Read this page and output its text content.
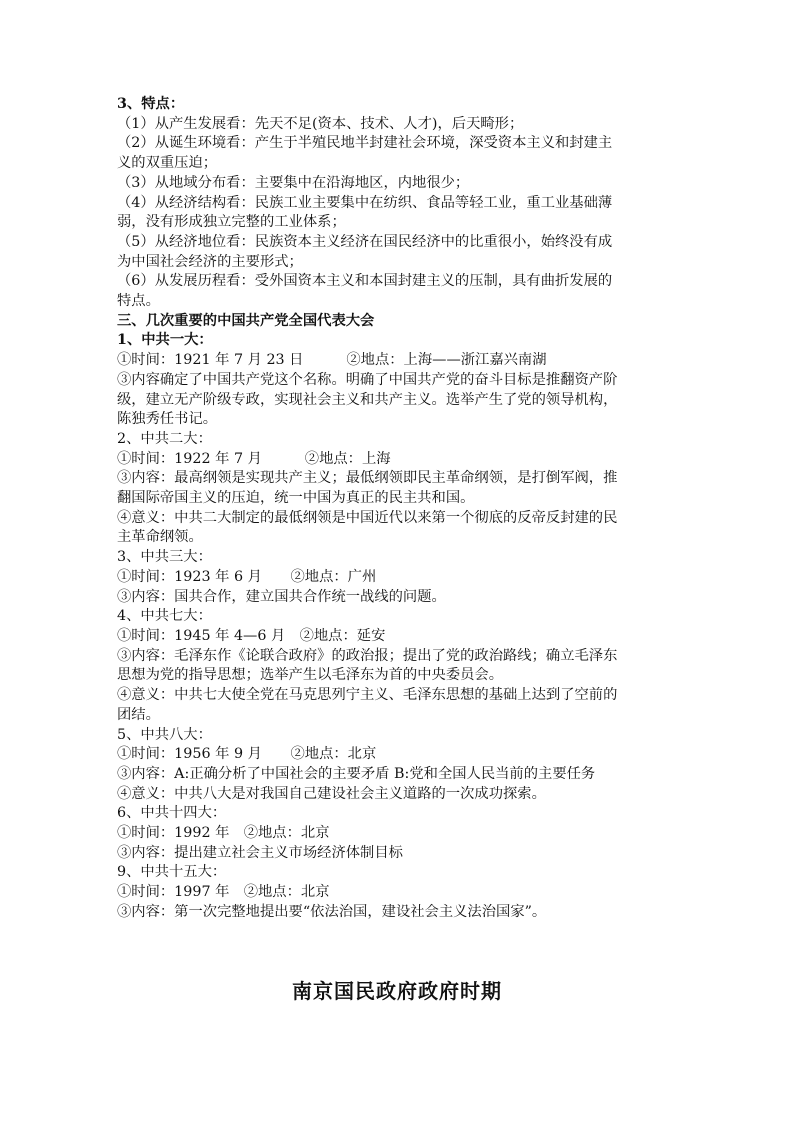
3、特点：
（1）从产生发展看：先天不足(资本、技术、人才)，后天畸形；
（2）从诞生环境看：产生于半殖民地半封建社会环境，深受资本主义和封建主
义的双重压迫；
（3）从地域分布看：主要集中在沿海地区，内地很少；
（4）从经济结构看：民族工业主要集中在纺织、食品等轻工业，重工业基础薄
弱，没有形成独立完整的工业体系；
（5）从经济地位看：民族资本主义经济在国民经济中的比重很小，始终没有成
为中国社会经济的主要形式；
（6）从发展历程看：受外国资本主义和本国封建主义的压制，具有曲折发展的
特点。
三、几次重要的中国共产党全国代表大会
1、中共一大：
①时间：1921 年 7 月 23 日　　　②地点：上海——浙江嘉兴南湖
③内容确定了中国共产党这个名称。明确了中国共产党的奋斗目标是推翻资产阶
级，建立无产阶级专政，实现社会主义和共产主义。选举产生了党的领导机构，
陈独秀任书记。
2、中共二大：
①时间：1922 年 7 月　　　②地点：上海
③内容：最高纲领是实现共产主义；最低纲领即民主革命纲领，是打倒军阀，推
翻国际帝国主义的压迫，统一中国为真正的民主共和国。
④意义：中共二大制定的最低纲领是中国近代以来第一个彻底的反帝反封建的民
主革命纲领。
3、中共三大：
①时间：1923 年 6 月　　②地点：广州
③内容：国共合作，建立国共合作统一战线的问题。
4、中共七大：
①时间：1945 年 4—6 月　②地点：延安
③内容：毛泽东作《论联合政府》的政治报；提出了党的政治路线；确立毛泽东
思想为党的指导思想；选举产生以毛泽东为首的中央委员会。
④意义：中共七大使全党在马克思列宁主义、毛泽东思想的基础上达到了空前的
团结。
5、中共八大：
①时间：1956 年 9 月　　②地点：北京
③内容：A:正确分析了中国社会的主要矛盾 B:党和全国人民当前的主要任务
④意义：中共八大是对我国自己建设社会主义道路的一次成功探索。
6、中共十四大：
①时间：1992 年　②地点：北京
③内容：提出建立社会主义市场经济体制目标
9、中共十五大：
①时间：1997 年　②地点：北京
③内容：第一次完整地提出要“依法治国，建设社会主义法治国家”。
南京国民政府政府时期
